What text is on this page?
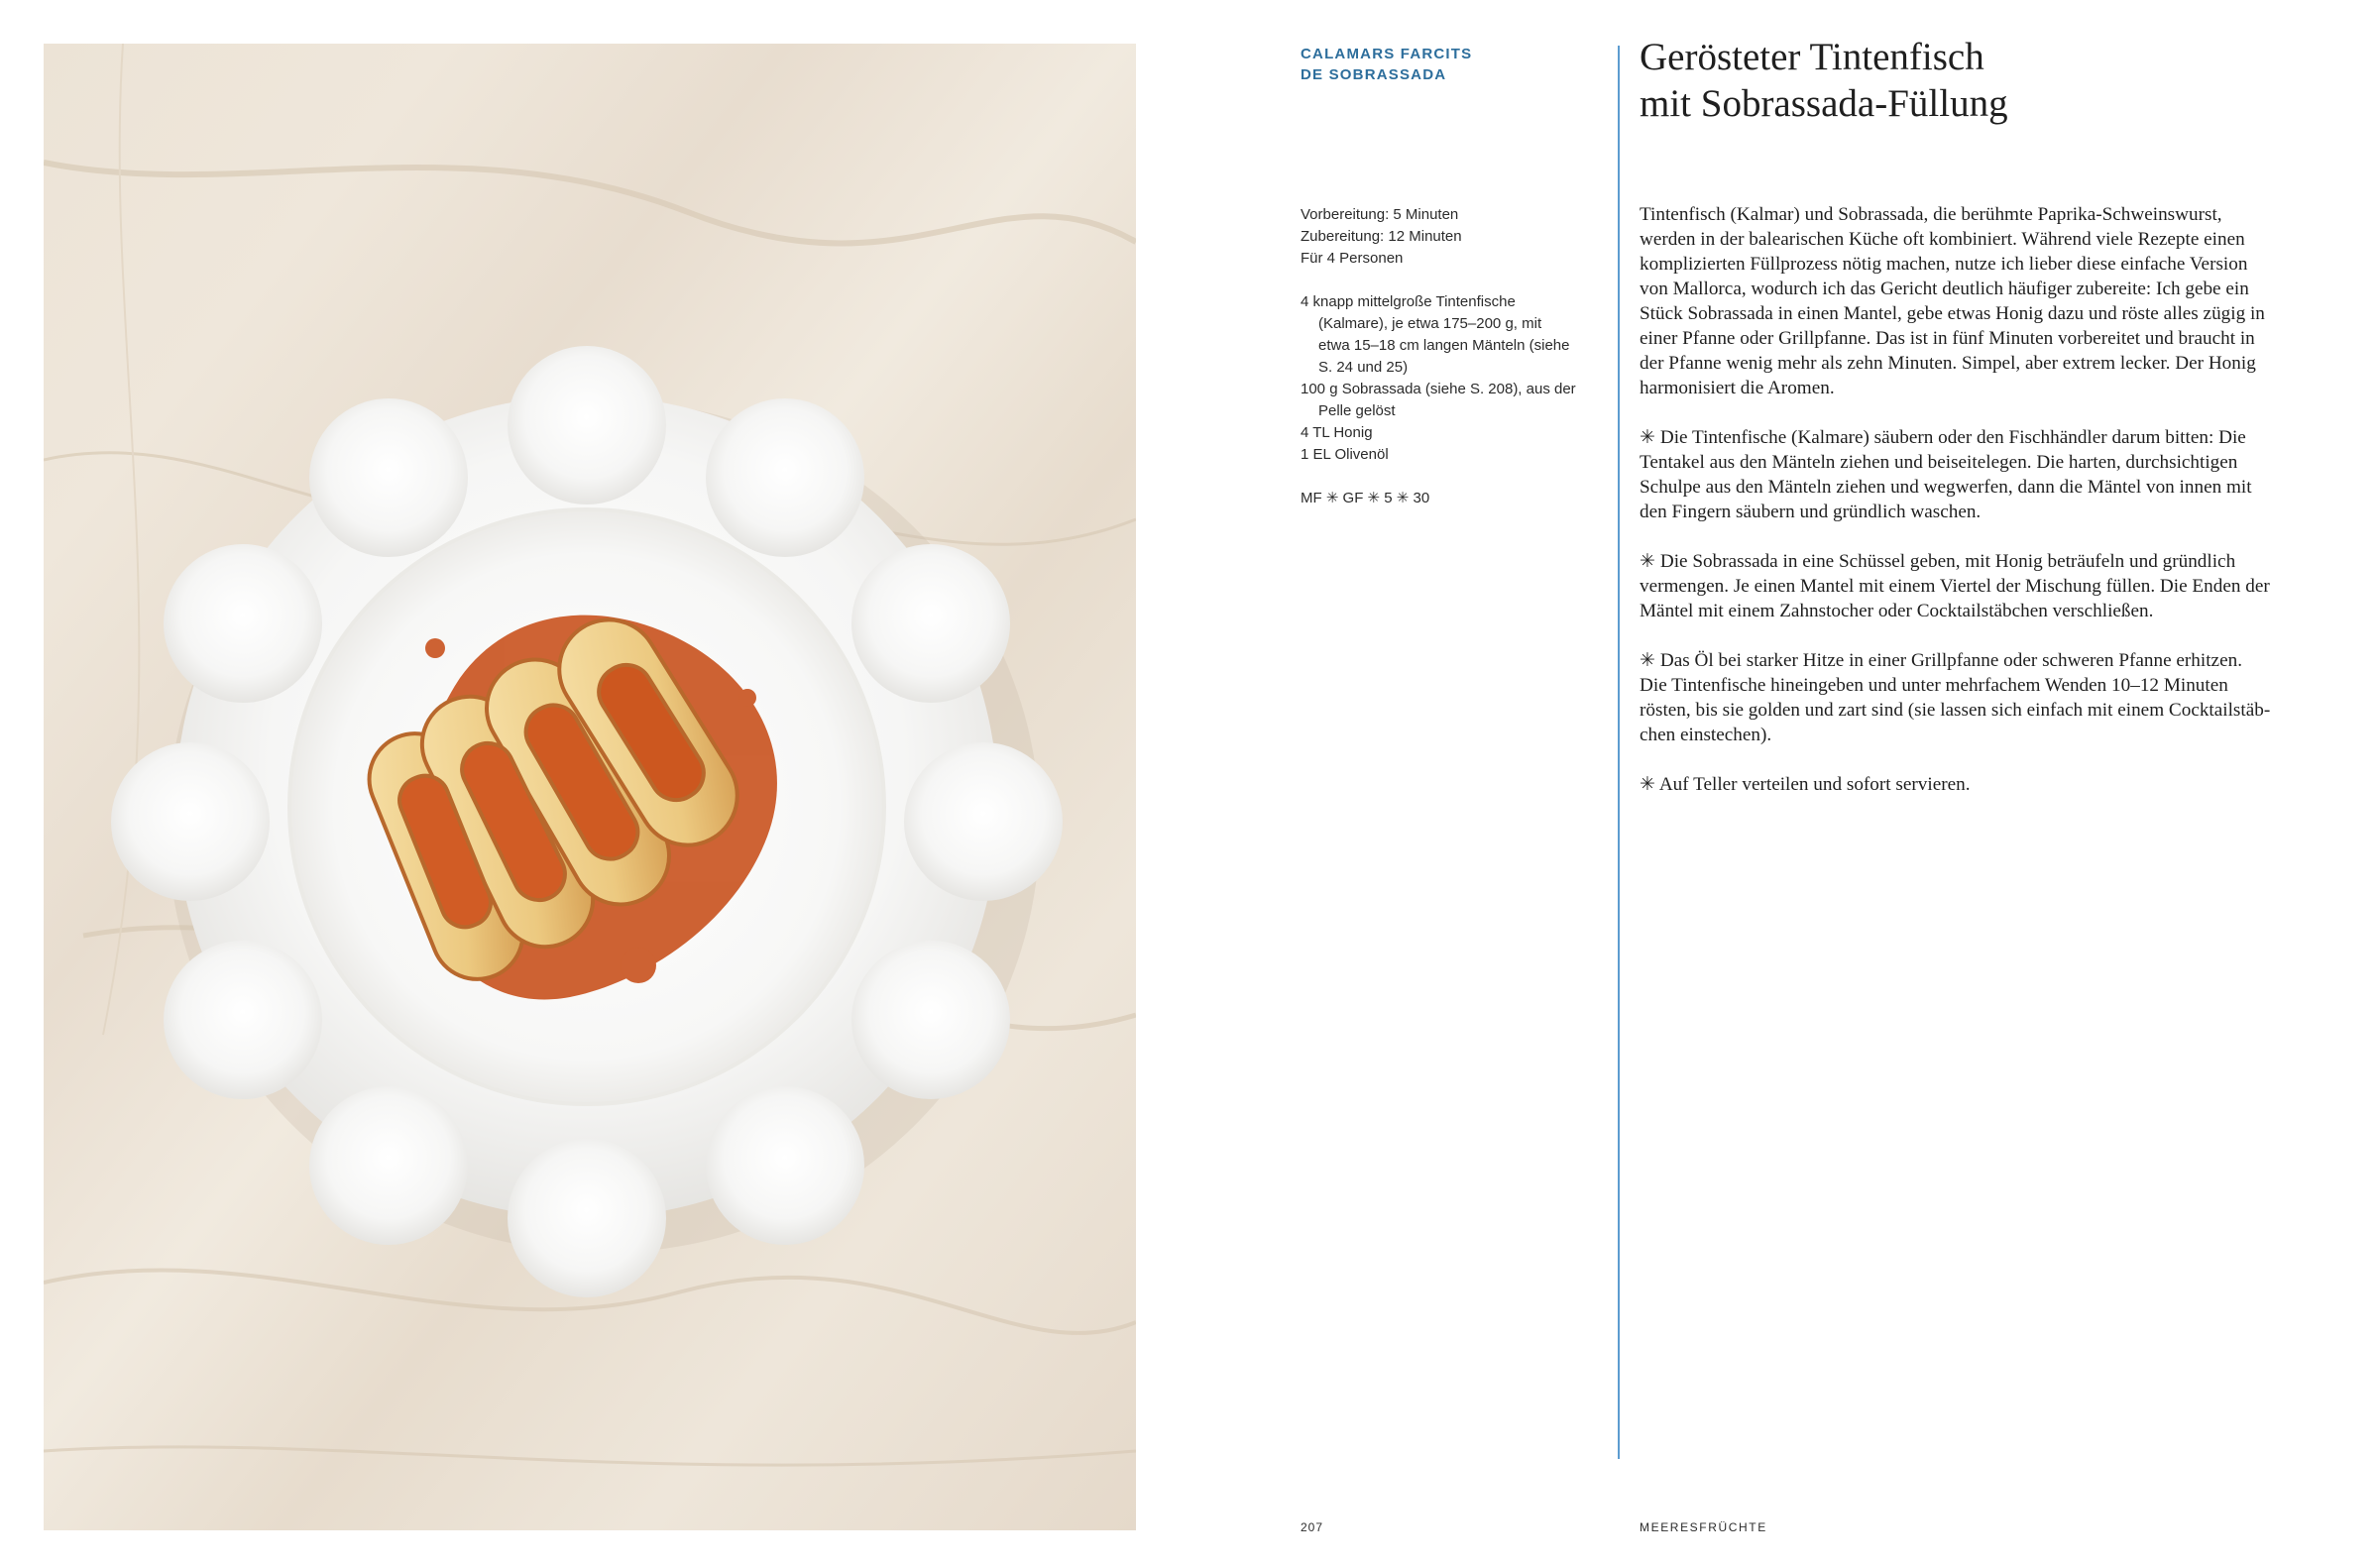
CALAMARS FARCITS
DE SOBRASSADA
Vorbereitung: 5 Minuten
Zubereitung: 12 Minuten
Für 4 Personen
4 knapp mittelgroße Tintenfische
(Kalmare), je etwa 175–200 g, mit
etwa 15–18 cm langen Mänteln (siehe
S. 24 und 25)
100 g Sobrassada (siehe S. 208), aus der
Pelle gelöst
4 TL Honig
1 EL Olivenöl
MF ✳ GF ✳ 5 ✳ 30
Gerösteter Tintenfisch
mit Sobrassada-Füllung
Tintenfisch (Kalmar) und Sobrassada, die berühmte Paprika-Schweinswurst,
werden in der balearischen Küche oft kombiniert. Während viele Rezepte einen
komplizierten Füllprozess nötig machen, nutze ich lieber diese einfache Version
von Mallorca, wodurch ich das Gericht deutlich häufiger zubereite: Ich gebe ein
Stück Sobrassada in einen Mantel, gebe etwas Honig dazu und röste alles zügig in
einer Pfanne oder Grillpfanne. Das ist in fünf Minuten vorbereitet und braucht in
der Pfanne wenig mehr als zehn Minuten. Simpel, aber extrem lecker. Der Honig
harmonisiert die Aromen.
✳ Die Tintenfische (Kalmare) säubern oder den Fischhändler darum bitten: Die
Tentakel aus den Mänteln ziehen und beiseitelegen. Die harten, durchsichtigen
Schulpe aus den Mänteln ziehen und wegwerfen, dann die Mäntel von innen mit
den Fingern säubern und gründlich waschen.
✳ Die Sobrassada in eine Schüssel geben, mit Honig beträufeln und gründlich
vermengen. Je einen Mantel mit einem Viertel der Mischung füllen. Die Enden der
Mäntel mit einem Zahnstocher oder Cocktailstäbchen verschließen.
✳ Das Öl bei starker Hitze in einer Grillpfanne oder schweren Pfanne erhitzen.
Die Tintenfische hineingeben und unter mehrfachem Wenden 10–12 Minuten
rösten, bis sie golden und zart sind (sie lassen sich einfach mit einem Cocktailstäb-
chen einstechen).
✳ Auf Teller verteilen und sofort servieren.
207	MEERESFRÜCHTE
